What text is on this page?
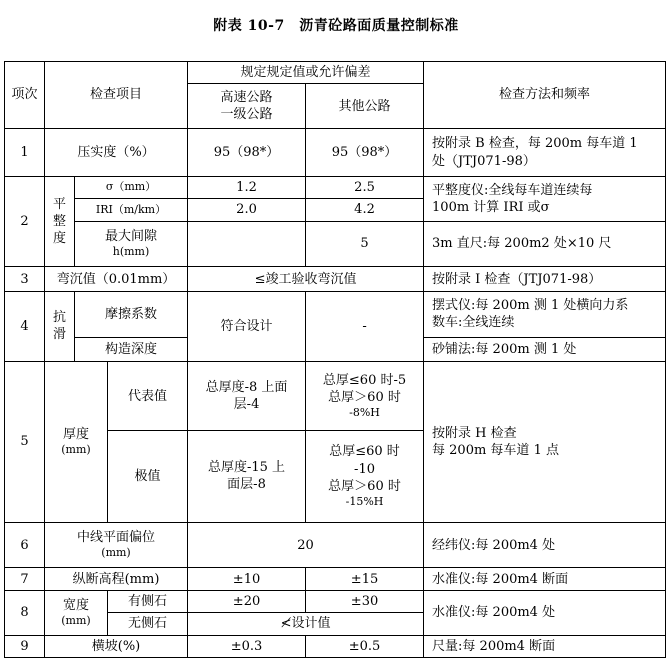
附表 10-7　沥青砼路面质量控制标准
项次	检查项目			规定规定值或允许偏差		检查方法和频率

				高速公路
一级公路	其他公路	
1	压实度（%）			95（98*）	95（98*）	按附录 B 检查，每 200m 每车道 1
处（JTJ071-98）

2	平
整
度	σ（mm）		1.2	2.5	平整度仪:全线每车道连续每
100m 计算 IRI 或σ

		IRI（m/km）		2.0	4.2	

		最大间隙
h(mm)			5	3m 直尺:每 200m2 处×10 尺
3	弯沉值（0.01mm）			≤竣工验收弯沉值		按附录 I 检查（JTJ071-98）
4	抗
滑	摩擦系数		符合设计	-	摆式仪:每 200m 测 1 处横向力系
数车:全线连续

		构造深度				砂铺法:每 200m 测 1 处
5	厚度
(mm)		代表值	总厚度-8 上面
层-4	总厚≤60 时-5
总厚＞60 时
-8%H	按附录 H 检查
每 200m 每车道 1 点

			极值	总厚度-15 上
面层-8	总厚≤60 时
-10
总厚＞60 时
-15%H	

6	中线平面偏位
(mm)			20		经纬仪:每 200m4 处
7	纵断高程(mm)			±10	±15	水准仪:每 200m4 断面
8	宽度
(mm)		有侧石	±20	±30	水准仪:每 200m4 处
			无侧石	≮设计值		
9	横坡(%)			±0.3	±0.5	尺量:每 200m4 断面
